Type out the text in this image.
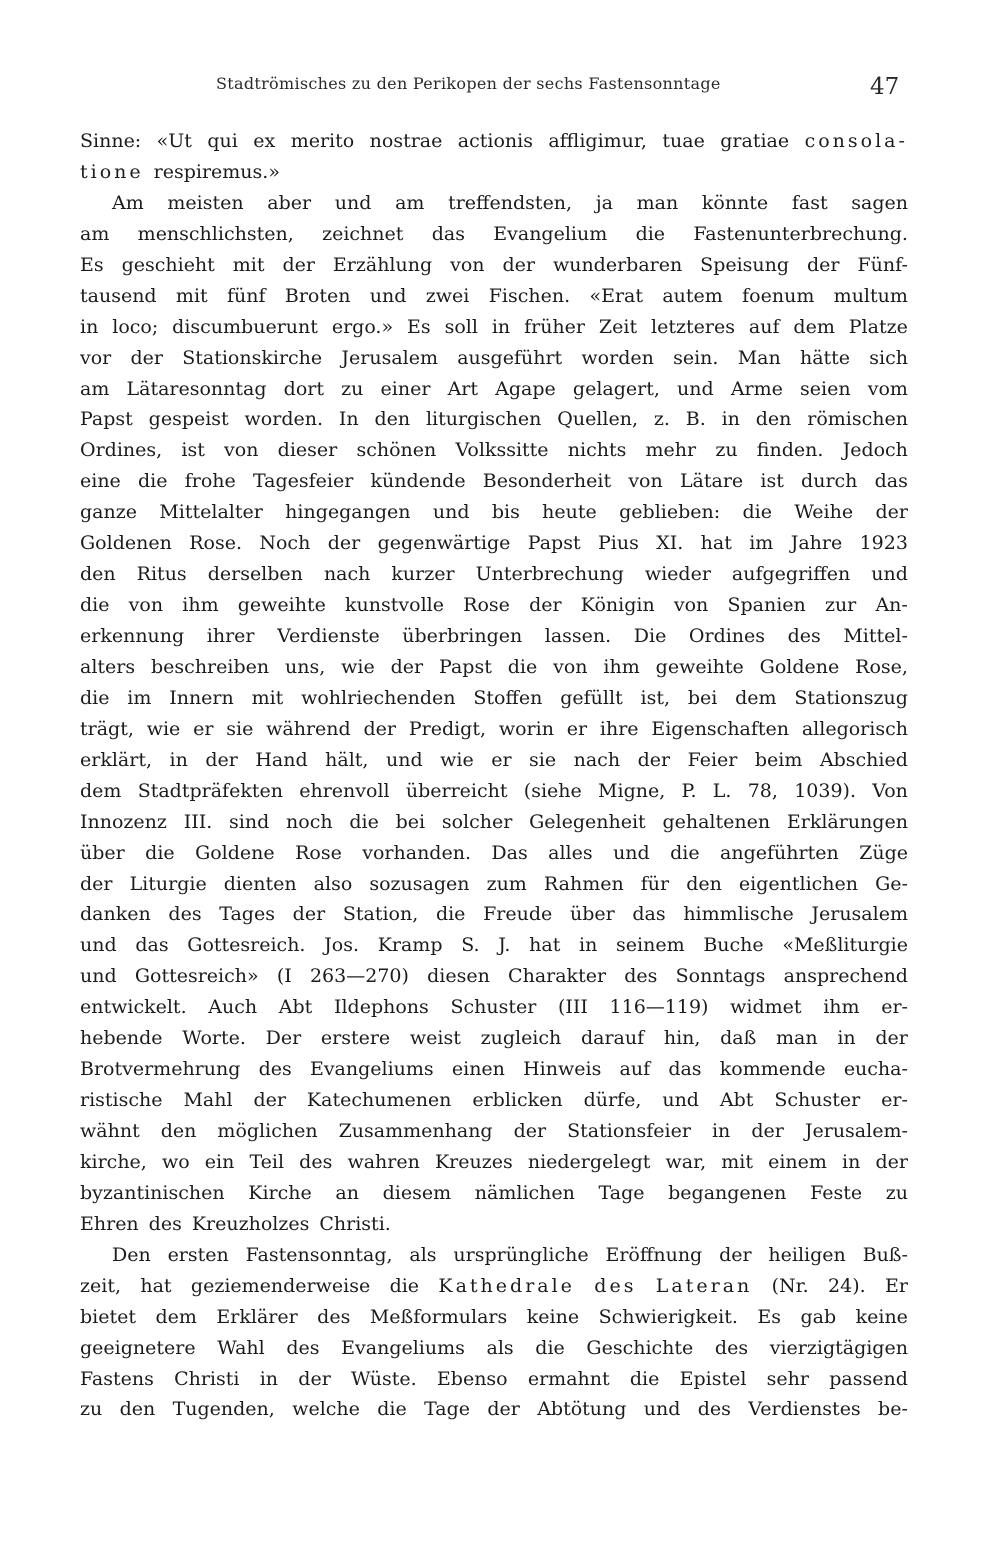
Stadtrömisches zu den Perikopen der sechs Fastensonntage	47
Sinne: «Ut qui ex merito nostrae actionis affligimur, tuae gratiae consola-
tione respiremus.»
Am meisten aber und am treffendsten, ja man könnte fast sagen
am menschlichsten, zeichnet das Evangelium die Fastenunterbrechung.
Es geschieht mit der Erzählung von der wunderbaren Speisung der Fünf-
tausend mit fünf Broten und zwei Fischen. «Erat autem foenum multum
in loco; discumbuerunt ergo.» Es soll in früher Zeit letzteres auf dem Platze
vor der Stationskirche Jerusalem ausgeführt worden sein. Man hätte sich
am Lätaresonntag dort zu einer Art Agape gelagert, und Arme seien vom
Papst gespeist worden. In den liturgischen Quellen, z. B. in den römischen
Ordines, ist von dieser schönen Volkssitte nichts mehr zu finden. Jedoch
eine die frohe Tagesfeier kündende Besonderheit von Lätare ist durch das
ganze Mittelalter hingegangen und bis heute geblieben: die Weihe der
Goldenen Rose. Noch der gegenwärtige Papst Pius XI. hat im Jahre 1923
den Ritus derselben nach kurzer Unterbrechung wieder aufgegriffen und
die von ihm geweihte kunstvolle Rose der Königin von Spanien zur An-
erkennung ihrer Verdienste überbringen lassen. Die Ordines des Mittel-
alters beschreiben uns, wie der Papst die von ihm geweihte Goldene Rose,
die im Innern mit wohlriechenden Stoffen gefüllt ist, bei dem Stationszug
trägt, wie er sie während der Predigt, worin er ihre Eigenschaften allegorisch
erklärt, in der Hand hält, und wie er sie nach der Feier beim Abschied
dem Stadtpräfekten ehrenvoll überreicht (siehe Migne, P. L. 78, 1039). Von
Innozenz III. sind noch die bei solcher Gelegenheit gehaltenen Erklärungen
über die Goldene Rose vorhanden. Das alles und die angeführten Züge
der Liturgie dienten also sozusagen zum Rahmen für den eigentlichen Ge-
danken des Tages der Station, die Freude über das himmlische Jerusalem
und das Gottesreich. Jos. Kramp S. J. hat in seinem Buche «Meßliturgie
und Gottesreich» (I 263—270) diesen Charakter des Sonntags ansprechend
entwickelt. Auch Abt Ildephons Schuster (III 116—119) widmet ihm er-
hebende Worte. Der erstere weist zugleich darauf hin, daß man in der
Brotvermehrung des Evangeliums einen Hinweis auf das kommende eucha-
ristische Mahl der Katechumenen erblicken dürfe, und Abt Schuster er-
wähnt den möglichen Zusammenhang der Stationsfeier in der Jerusalem-
kirche, wo ein Teil des wahren Kreuzes niedergelegt war, mit einem in der
byzantinischen Kirche an diesem nämlichen Tage begangenen Feste zu
Ehren des Kreuzholzes Christi.
Den ersten Fastensonntag, als ursprüngliche Eröffnung der heiligen Buß-
zeit, hat geziemenderweise die Kathedrale des Lateran (Nr. 24). Er
bietet dem Erklärer des Meßformulars keine Schwierigkeit. Es gab keine
geeignetere Wahl des Evangeliums als die Geschichte des vierzigtägigen
Fastens Christi in der Wüste. Ebenso ermahnt die Epistel sehr passend
zu den Tugenden, welche die Tage der Abtötung und des Verdienstes be-
